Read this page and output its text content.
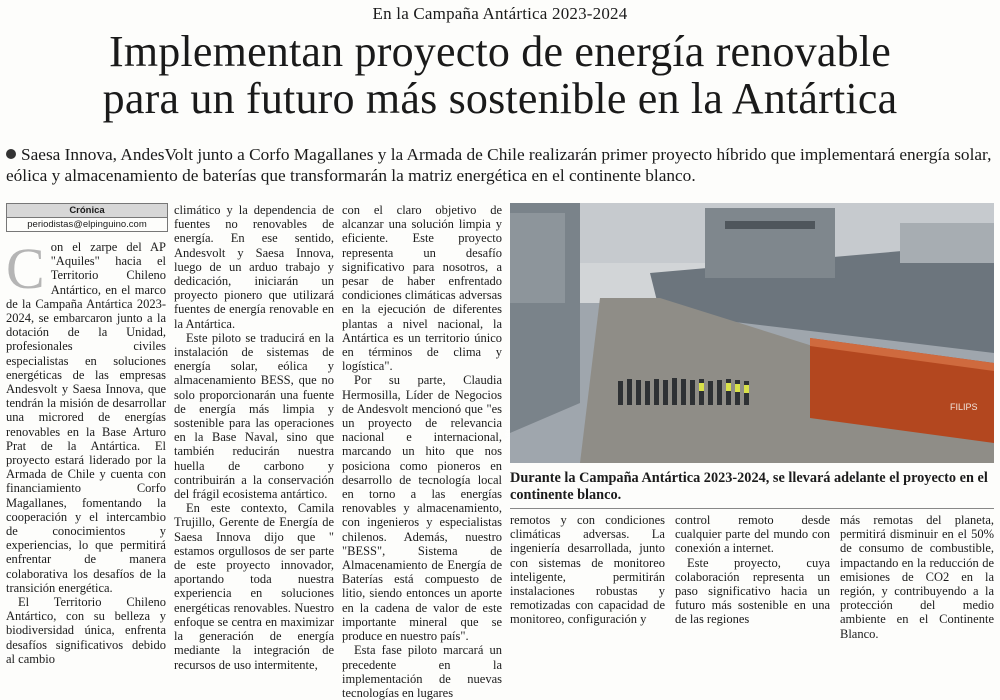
En la Campaña Antártica 2023-2024
Implementan proyecto de energía renovable
para un futuro más sostenible en la Antártica
Saesa Innova, AndesVolt junto a Corfo Magallanes y la Armada de Chile realizarán primer proyecto híbrido que implementará energía solar, eólica y almacenamiento de baterías que transformarán la matriz energética en el continente blanco.
Crónica
periodistas@elpinguino.com

Con el zarpe del AP "Aquiles" hacia el Territorio Chileno Antártico, en el marco de la Campaña Antártica 2023-2024, se embarcaron junto a la dotación de la Unidad, profesionales civiles especialistas en soluciones energéticas de las empresas Andesvolt y Saesa Innova, que tendrán la misión de desarrollar una microred de energías renovables en la Base Arturo Prat de la Antártica. El proyecto estará liderado por la Armada de Chile y cuenta con financiamiento Corfo Magallanes, fomentando la cooperación y el intercambio de conocimientos y experiencias, lo que permitirá enfrentar de manera colaborativa los desafíos de la transición energética.

El Territorio Chileno Antártico, con su belleza y biodiversidad única, enfrenta desafíos significativos debido al cambio

climático y la dependencia de fuentes no renovables de energía. En ese sentido, Andesvolt y Saesa Innova, luego de un arduo trabajo y dedicación, iniciarán un proyecto pionero que utilizará fuentes de energía renovable en la Antártica.

Este piloto se traducirá en la instalación de sistemas de energía solar, eólica y almacenamiento BESS, que no solo proporcionarán una fuente de energía más limpia y sostenible para las operaciones en la Base Naval, sino que también reducirán nuestra huella de carbono y contribuirán a la conservación del frágil ecosistema antártico.

En este contexto, Camila Trujillo, Gerente de Energía de Saesa Innova dijo que " estamos orgullosos de ser parte de este proyecto innovador, aportando toda nuestra experiencia en soluciones energéticas renovables. Nuestro enfoque se centra en maximizar la generación de energía mediante la integración de recursos de uso intermitente,

con el claro objetivo de alcanzar una solución limpia y eficiente. Este proyecto representa un desafío significativo para nosotros, a pesar de haber enfrentado condiciones climáticas adversas en la ejecución de diferentes plantas a nivel nacional, la Antártica es un territorio único en términos de clima y logística".

Por su parte, Claudia Hermosilla, Líder de Negocios de Andesvolt mencionó que "es un proyecto de relevancia nacional e internacional, marcando un hito que nos posiciona como pioneros en desarrollo de tecnología local en torno a las energías renovables y almacenamiento, con ingenieros y especialistas chilenos. Además, nuestro "BESS", Sistema de Almacenamiento de Energía de Baterías está compuesto de litio, siendo entonces un aporte en la cadena de valor de este importante mineral que se produce en nuestro país".

Esta fase piloto marcará un precedente en la implementación de nuevas tecnologías en lugares

FILIPS
ARCHIVO
Durante la Campaña Antártica 2023-2024, se llevará adelante el proyecto en el continente blanco.

remotos y con condiciones climáticas adversas. La ingeniería desarrollada, junto con sistemas de monitoreo inteligente, permitirán instalaciones robustas y remotizadas con capacidad de monitoreo, configuración y

control remoto desde cualquier parte del mundo con conexión a internet.

Este proyecto, cuya colaboración representa un paso significativo hacia un futuro más sostenible en una de las regiones

más remotas del planeta, permitirá disminuir en el 50% de consumo de combustible, impactando en la reducción de emisiones de CO2 en la región, y contribuyendo a la protección del medio ambiente en el Continente Blanco.
